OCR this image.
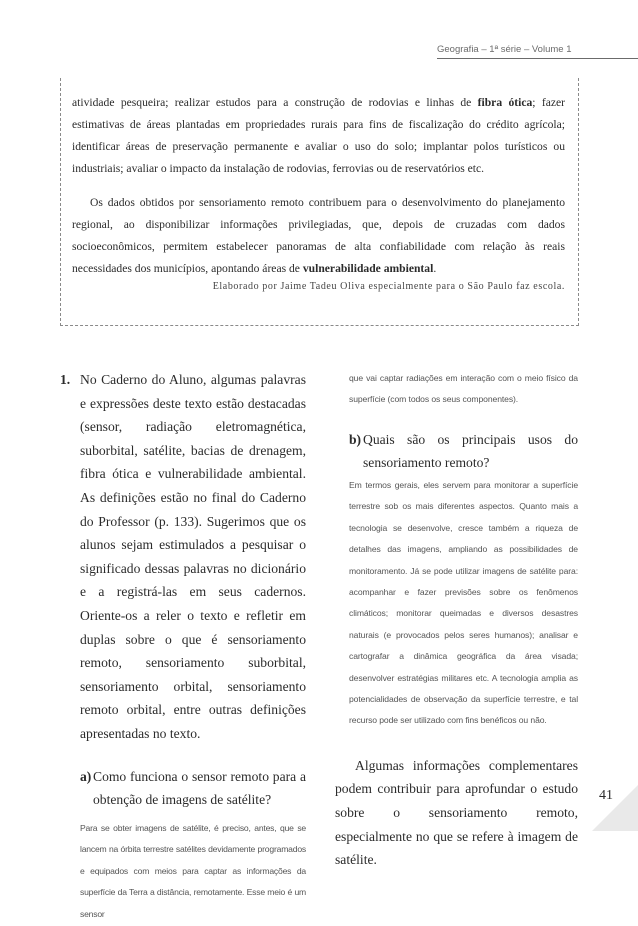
Geografia – 1ª série – Volume 1

atividade pesqueira; realizar estudos para a construção de rodovias e linhas de fibra ótica; fazer estimativas de áreas plantadas em propriedades rurais para fins de fiscalização do crédito agrícola; identificar áreas de preservação permanente e avaliar o uso do solo; implantar polos turísticos ou industriais; avaliar o impacto da instalação de rodovias, ferrovias ou de reservatórios etc.

Os dados obtidos por sensoriamento remoto contribuem para o desenvolvimento do planejamento regional, ao disponibilizar informações privilegiadas, que, depois de cruzadas com dados socioeconômicos, permitem estabelecer panoramas de alta confiabilidade com relação às reais necessidades dos municípios, apontando áreas de vulnerabilidade ambiental.

Elaborado por Jaime Tadeu Oliva especialmente para o São Paulo faz escola.
1. No Caderno do Aluno, algumas palavras e expressões deste texto estão destacadas (sensor, radiação eletromagnética, suborbital, satélite, bacias de drenagem, fibra ótica e vulnerabilidade ambiental. As definições estão no final do Caderno do Professor (p. 133). Sugerimos que os alunos sejam estimulados a pesquisar o significado dessas palavras no dicionário e a registrá-las em seus cadernos. Oriente-os a reler o texto e refletir em duplas sobre o que é sensoriamento remoto, sensoriamento suborbital, sensoriamento orbital, sensoriamento remoto orbital, entre outras definições apresentadas no texto.
a) Como funciona o sensor remoto para a obtenção de imagens de satélite?
Para se obter imagens de satélite, é preciso, antes, que se lancem na órbita terrestre satélites devidamente programados e equipados com meios para captar as informações da superfície da Terra a distância, remotamente. Esse meio é um sensor
que vai captar radiações em interação com o meio físico da superfície (com todos os seus componentes).
b) Quais são os principais usos do sensoriamento remoto?
Em termos gerais, eles servem para monitorar a superfície terrestre sob os mais diferentes aspectos. Quanto mais a tecnologia se desenvolve, cresce também a riqueza de detalhes das imagens, ampliando as possibilidades de monitoramento. Já se pode utilizar imagens de satélite para: acompanhar e fazer previsões sobre os fenômenos climáticos; monitorar queimadas e diversos desastres naturais (e provocados pelos seres humanos); analisar e cartografar a dinâmica geográfica da área visada; desenvolver estratégias militares etc. A tecnologia amplia as potencialidades de observação da superfície terrestre, e tal recurso pode ser utilizado com fins benéficos ou não.
Algumas informações complementares podem contribuir para aprofundar o estudo sobre o sensoriamento remoto, especialmente no que se refere à imagem de satélite.
41
